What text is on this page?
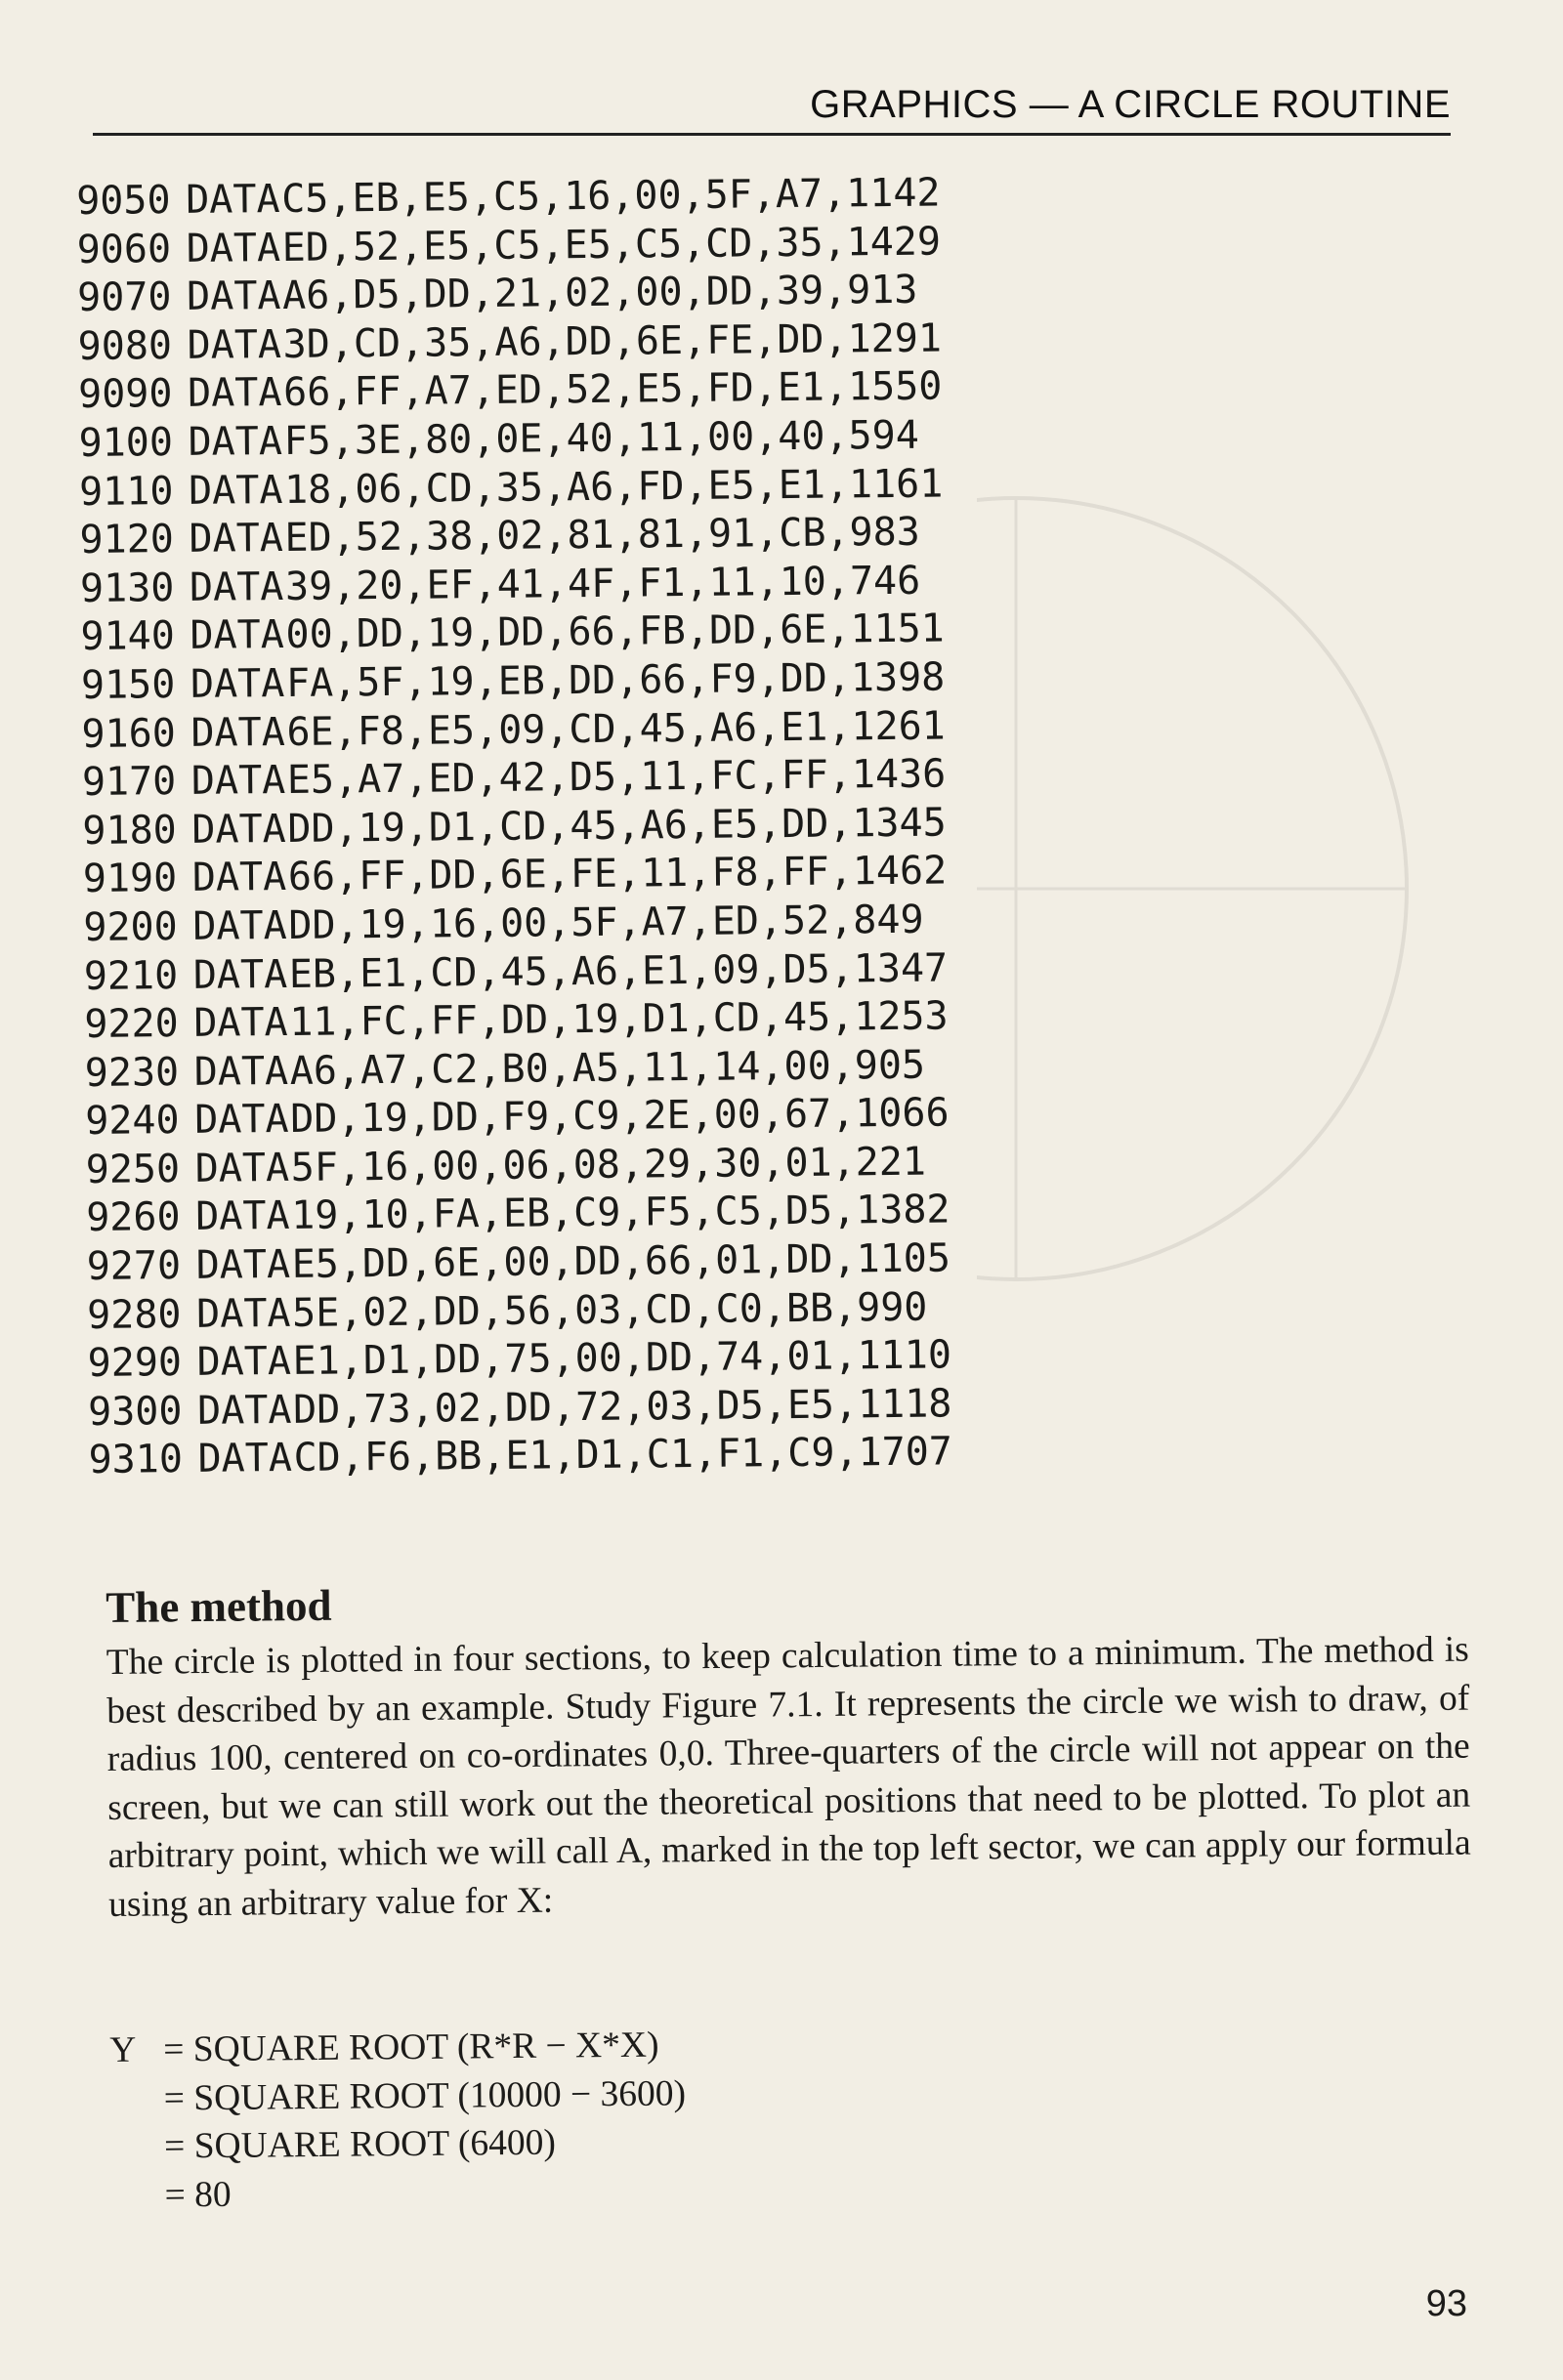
GRAPHICS — A CIRCLE ROUTINE
9050 DATAC5,EB,E5,C5,16,00,5F,A7,1142
9060 DATAED,52,E5,C5,E5,C5,CD,35,1429
9070 DATAA6,D5,DD,21,02,00,DD,39,913
9080 DATA3D,CD,35,A6,DD,6E,FE,DD,1291
9090 DATA66,FF,A7,ED,52,E5,FD,E1,1550
9100 DATAF5,3E,80,0E,40,11,00,40,594
9110 DATA18,06,CD,35,A6,FD,E5,E1,1161
9120 DATAED,52,38,02,81,81,91,CB,983
9130 DATA39,20,EF,41,4F,F1,11,10,746
9140 DATA00,DD,19,DD,66,FB,DD,6E,1151
9150 DATAFA,5F,19,EB,DD,66,F9,DD,1398
9160 DATA6E,F8,E5,09,CD,45,A6,E1,1261
9170 DATAE5,A7,ED,42,D5,11,FC,FF,1436
9180 DATADD,19,D1,CD,45,A6,E5,DD,1345
9190 DATA66,FF,DD,6E,FE,11,F8,FF,1462
9200 DATADD,19,16,00,5F,A7,ED,52,849
9210 DATAEB,E1,CD,45,A6,E1,09,D5,1347
9220 DATA11,FC,FF,DD,19,D1,CD,45,1253
9230 DATAA6,A7,C2,B0,A5,11,14,00,905
9240 DATADD,19,DD,F9,C9,2E,00,67,1066
9250 DATA5F,16,00,06,08,29,30,01,221
9260 DATA19,10,FA,EB,C9,F5,C5,D5,1382
9270 DATAE5,DD,6E,00,DD,66,01,DD,1105
9280 DATA5E,02,DD,56,03,CD,C0,BB,990
9290 DATAE1,D1,DD,75,00,DD,74,01,1110
9300 DATADD,73,02,DD,72,03,D5,E5,1118
9310 DATACD,F6,BB,E1,D1,C1,F1,C9,1707
The method

The circle is plotted in four sections, to keep calculation time to a minimum. The method is best described by an example. Study Figure 7.1. It represents the circle we wish to draw, of radius 100, centered on co-ordinates 0,0. Three-quarters of the circle will not appear on the screen, but we can still work out the theoretical positions that need to be plotted. To plot an arbitrary point, which we will call A, marked in the top left sector, we can apply our formula using an arbitrary value for X:

Y = SQUARE ROOT (R*R − X*X)
= SQUARE ROOT (10000 − 3600)
= SQUARE ROOT (6400)
= 80
93
